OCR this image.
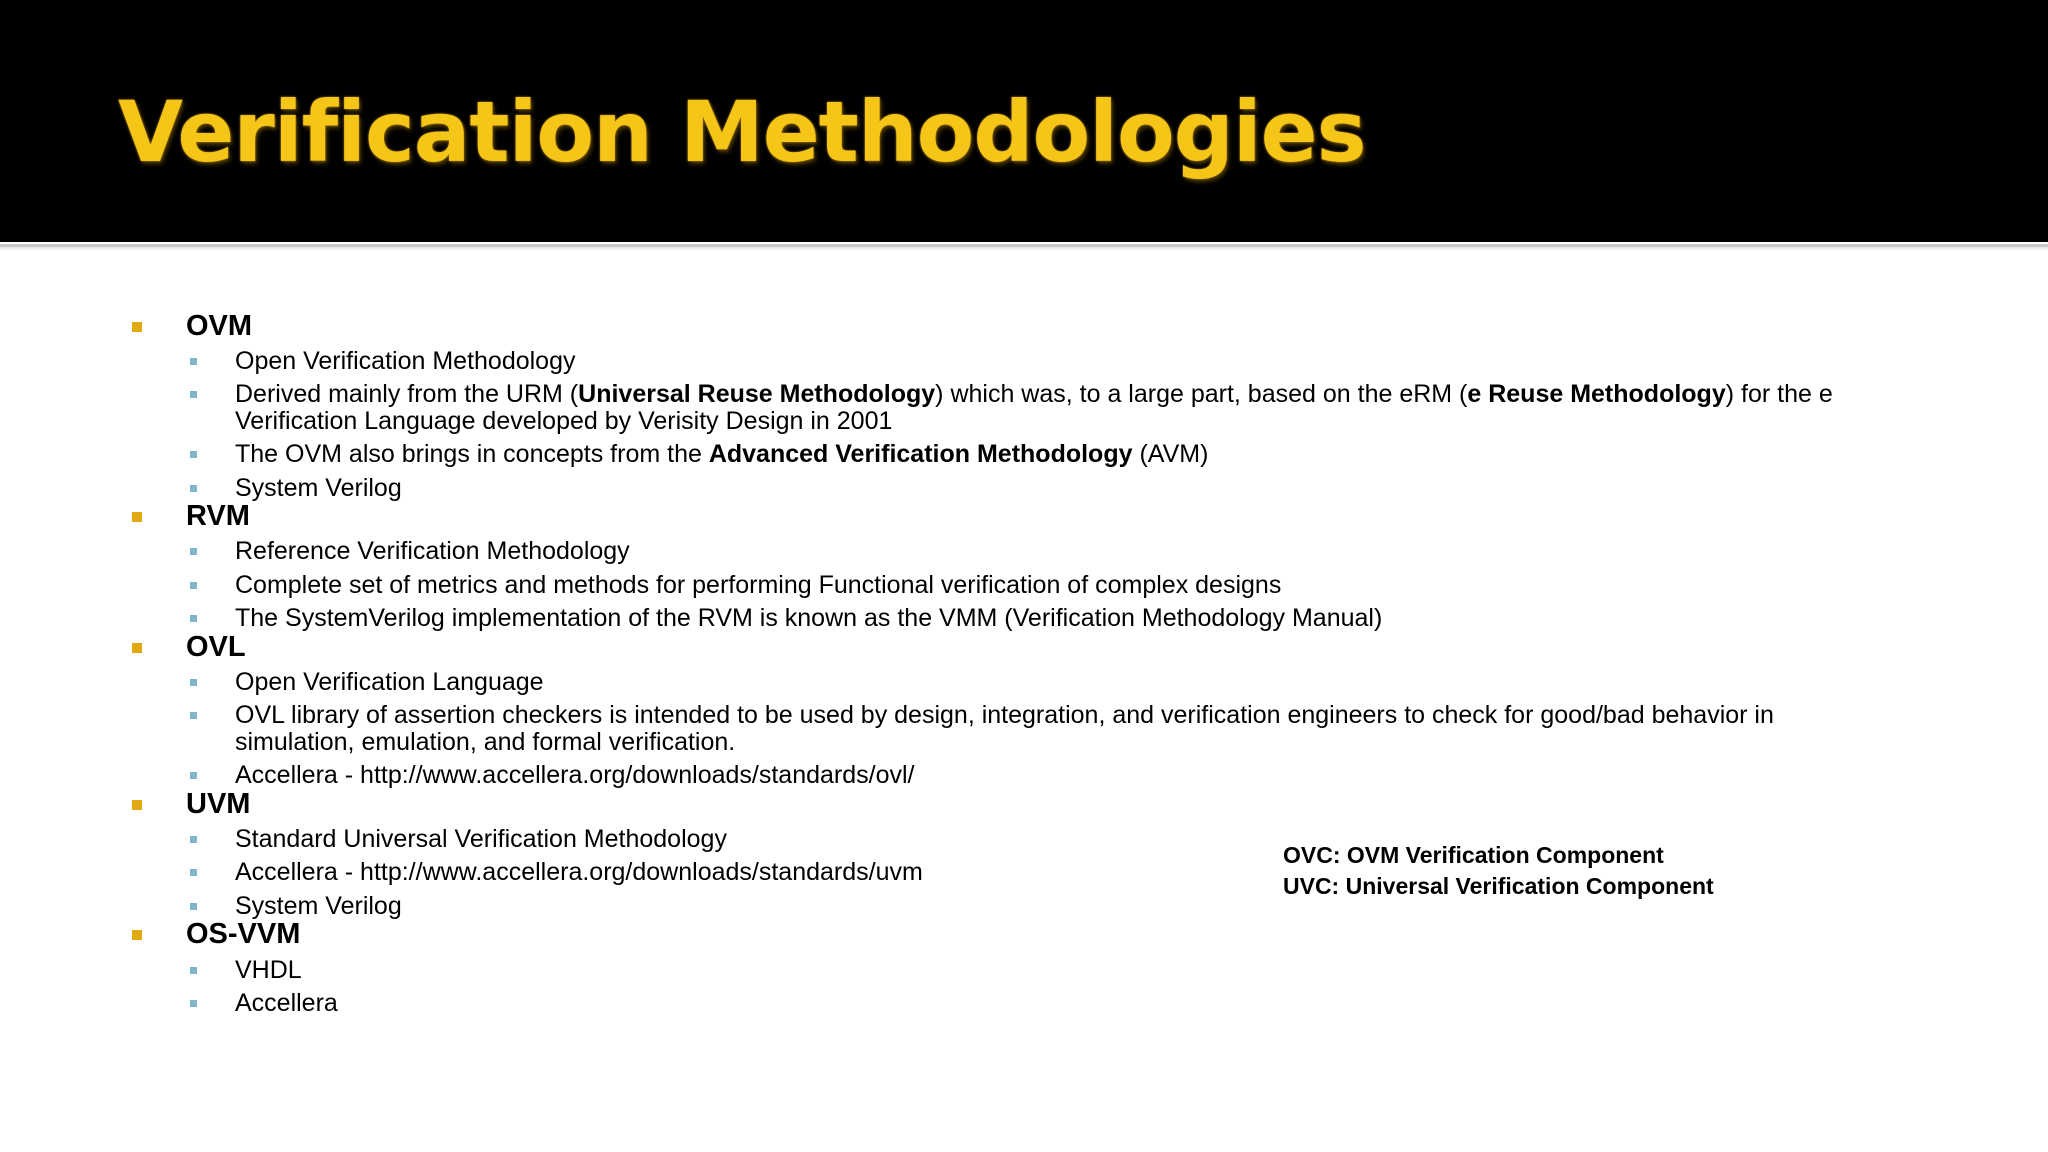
Verification Methodologies
OVM
Open Verification Methodology
Derived mainly from the URM (Universal Reuse Methodology) which was, to a large part, based on the eRM (e Reuse Methodology) for the e Verification Language developed by Verisity Design in 2001
The OVM also brings in concepts from the Advanced Verification Methodology (AVM)
System Verilog
RVM
Reference Verification Methodology
Complete set of metrics and methods for performing Functional verification of complex designs
The SystemVerilog implementation of the RVM is known as the VMM (Verification Methodology Manual)
OVL
Open Verification Language
OVL library of assertion checkers is intended to be used by design, integration, and verification engineers to check for good/bad behavior in simulation, emulation, and formal verification.
Accellera - http://www.accellera.org/downloads/standards/ovl/
UVM
Standard Universal Verification Methodology
Accellera - http://www.accellera.org/downloads/standards/uvm
System Verilog
OS-VVM
VHDL
Accellera
OVC: OVM Verification Component
UVC: Universal Verification Component
